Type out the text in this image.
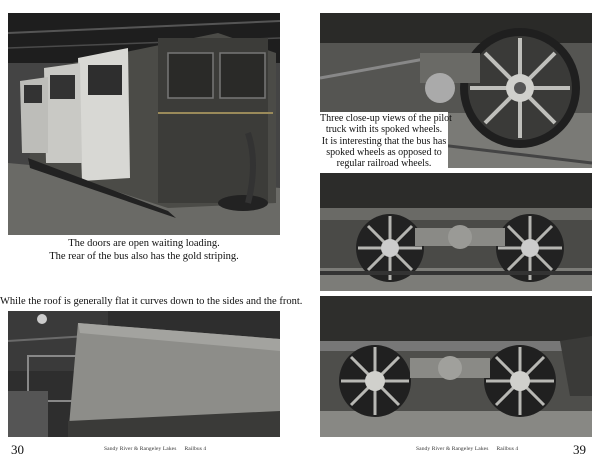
The doors are open waiting loading.
The rear of the bus also has the gold striping.
While the roof is generally flat it curves down to the sides and the front.
30	Sandy River & Rangeley Lakes Railbus 4
Three close-up views of the pilot
truck with its spoked wheels.
It is interesting that the bus has
spoked wheels as opposed to
regular railroad wheels.
Sandy River & Rangeley Lakes Railbus 4	39
